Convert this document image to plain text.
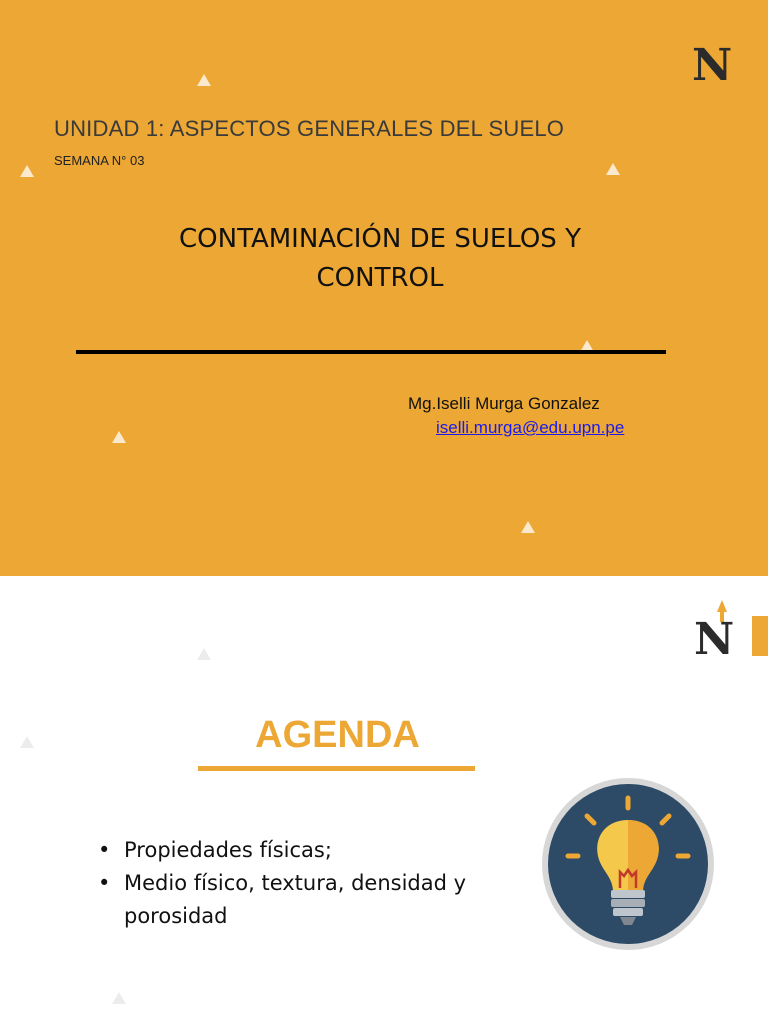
N
UNIDAD 1: ASPECTOS GENERALES DEL SUELO
SEMANA N° 03
CONTAMINACIÓN DE SUELOS Y
CONTROL
Mg.Iselli Murga Gonzalez
iselli.murga@edu.upn.pe
N
AGENDA
• Propiedades físicas;
• Medio físico, textura, densidad y porosidad
